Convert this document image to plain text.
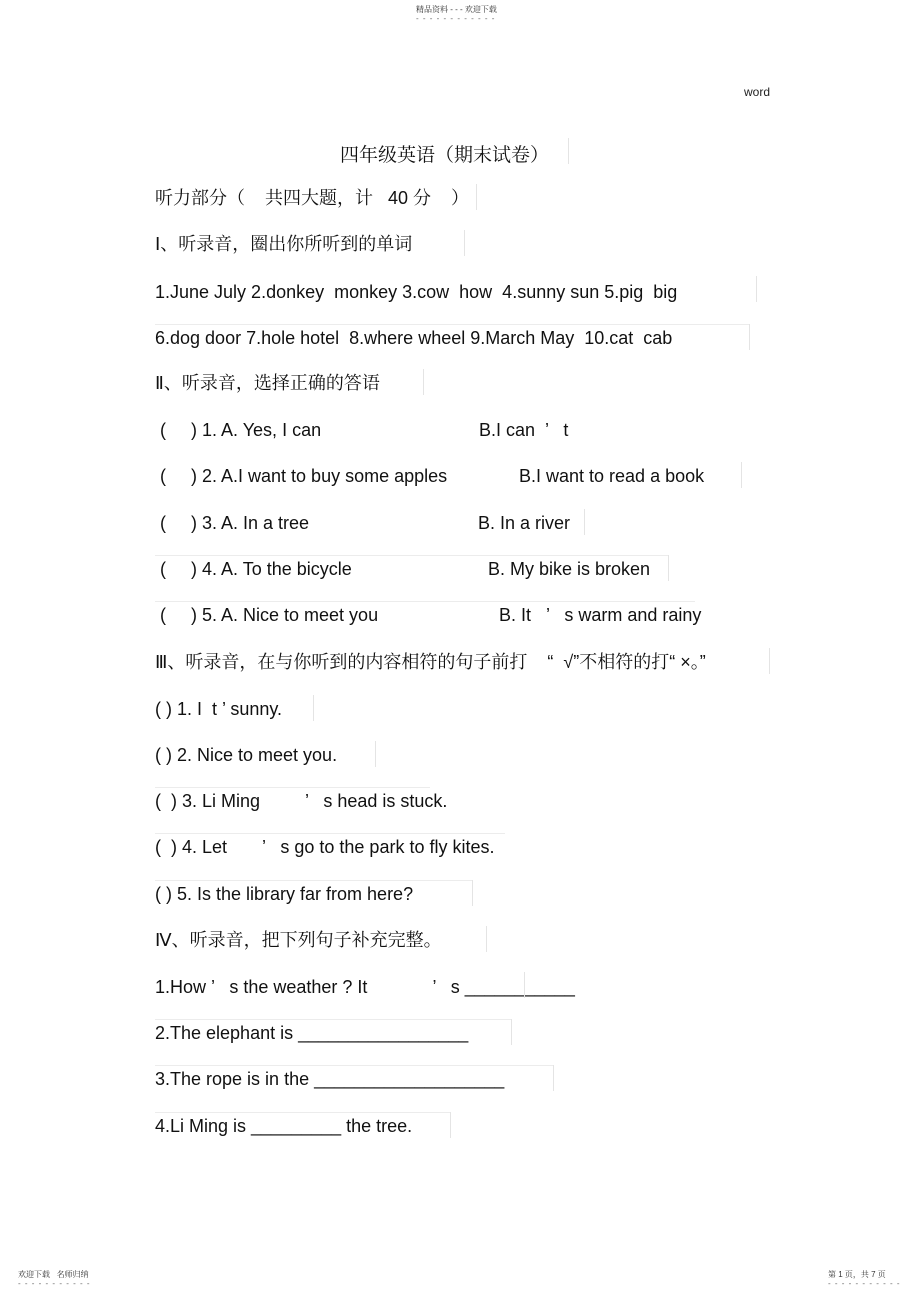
精品资料 - - - 欢迎下载
- - - - - - - - - - - -
word
四年级英语（期末试卷）
听力部分（    共四大题，计   40 分    ）
Ⅰ、听录音，圈出你所听到的单词
1.June July 2.donkey  monkey 3.cow  how  4.sunny sun 5.pig  big
6.dog door 7.hole hotel  8.where wheel 9.March May  10.cat  cab
Ⅱ、听录音，选择正确的答语
(     ) 1. A. Yes, I can	B.I can  ’   t
(     ) 2. A.I want to buy some apples	B.I want to read a book
(     ) 3. A. In a tree	B. In a river
(     ) 4. A. To the bicycle	B. My bike is broken
(     ) 5. A. Nice to meet you	B. It   ’   s warm and rainy
Ⅲ、听录音，在与你听到的内容相符的句子前打    “  √”不相符的打“ ×。”
( ) 1. I  t ’ sunny.
( ) 2. Nice to meet you.
(  ) 3. Li Ming         ’   s head is stuck.
(  ) 4. Let       ’   s go to the park to fly kites.
( ) 5. Is the library far from here?
Ⅳ、听录音，把下列句子补充完整。
1.How ’   s the weather ? It             ’   s ___________
2.The elephant is _________________
3.The rope is in the ___________________
4.Li Ming is _________ the tree.
欢迎下载   名师归纳
- - - - - - - - - - -
第 1 页，共 7 页
- - - - - - - - - - -
